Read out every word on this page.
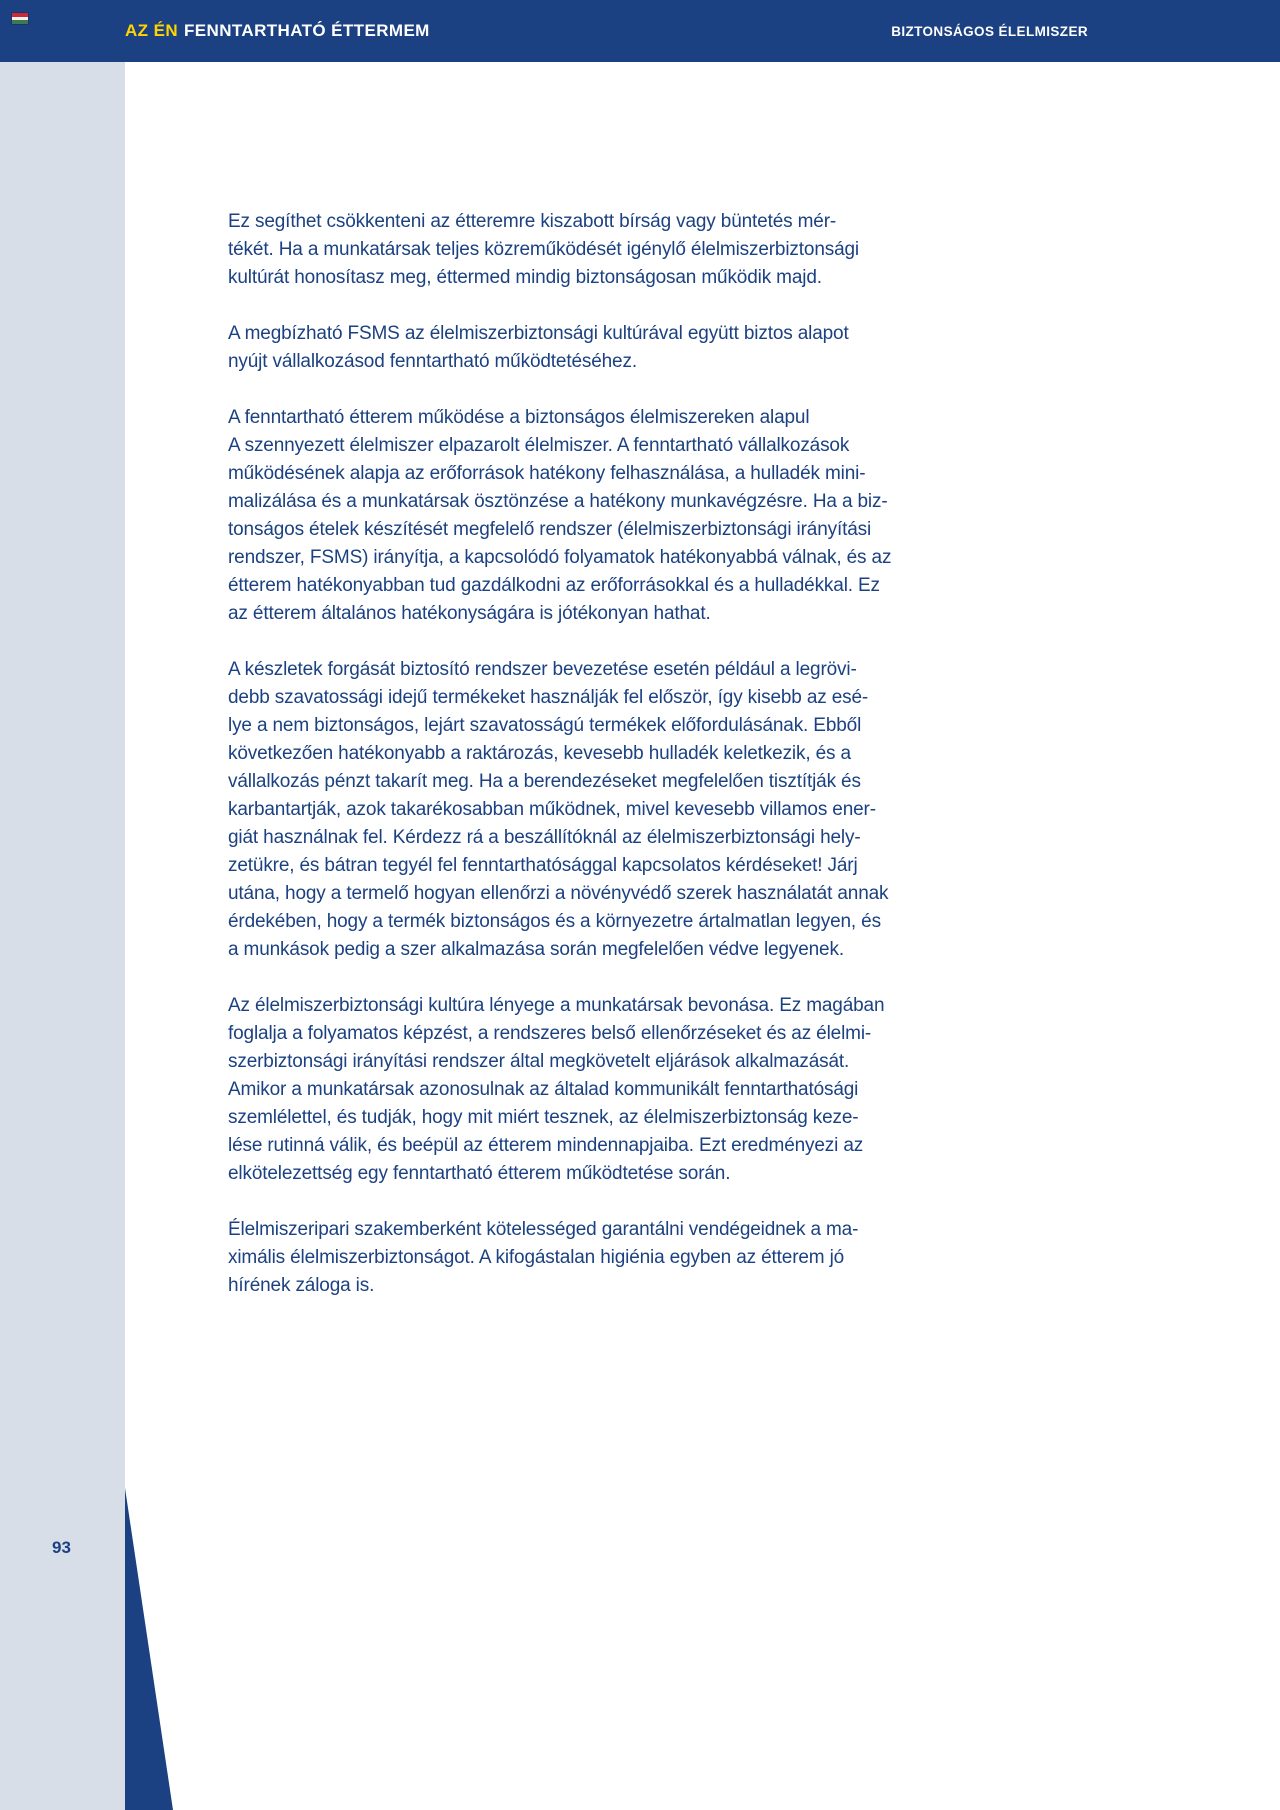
AZ ÉN FENNTARTHATÓ ÉTTERMEM	BIZTONSÁGOS ÉLELMISZER
93
Ez segíthet csökkenteni az étteremre kiszabott bírság vagy büntetés mér-
tékét. Ha a munkatársak teljes közreműködését igénylő élelmiszerbiztonsági
kultúrát honosítasz meg, éttermed mindig biztonságosan működik majd.
A megbízható FSMS az élelmiszerbiztonsági kultúrával együtt biztos alapot
nyújt vállalkozásod fenntartható működtetéséhez.
A fenntartható étterem működése a biztonságos élelmiszereken alapul
A szennyezett élelmiszer elpazarolt élelmiszer. A fenntartható vállalkozások
működésének alapja az erőforrások hatékony felhasználása, a hulladék mini-
malizálása és a munkatársak ösztönzése a hatékony munkavégzésre. Ha a biz-
tonságos ételek készítését megfelelő rendszer (élelmiszerbiztonsági irányítási
rendszer, FSMS) irányítja, a kapcsolódó folyamatok hatékonyabbá válnak, és az
étterem hatékonyabban tud gazdálkodni az erőforrásokkal és a hulladékkal. Ez
az étterem általános hatékonyságára is jótékonyan hathat.
A készletek forgását biztosító rendszer bevezetése esetén például a legrövi-
debb szavatossági idejű termékeket használják fel először, így kisebb az esé-
lye a nem biztonságos, lejárt szavatosságú termékek előfordulásának. Ebből
következően hatékonyabb a raktározás, kevesebb hulladék keletkezik, és a
vállalkozás pénzt takarít meg. Ha a berendezéseket megfelelően tisztítják és
karbantartják, azok takarékosabban működnek, mivel kevesebb villamos ener-
giát használnak fel. Kérdezz rá a beszállítóknál az élelmiszerbiztonsági hely-
zetükre, és bátran tegyél fel fenntarthatósággal kapcsolatos kérdéseket! Járj
utána, hogy a termelő hogyan ellenőrzi a növényvédő szerek használatát annak
érdekében, hogy a termék biztonságos és a környezetre ártalmatlan legyen, és
a munkások pedig a szer alkalmazása során megfelelően védve legyenek.
Az élelmiszerbiztonsági kultúra lényege a munkatársak bevonása. Ez magában
foglalja a folyamatos képzést, a rendszeres belső ellenőrzéseket és az élelmi-
szerbiztonsági irányítási rendszer által megkövetelt eljárások alkalmazását.
Amikor a munkatársak azonosulnak az általad kommunikált fenntarthatósági
szemlélettel, és tudják, hogy mit miért tesznek, az élelmiszerbiztonság keze-
lése rutinná válik, és beépül az étterem mindennapjaiba. Ezt eredményezi az
elkötelezettség egy fenntartható étterem működtetése során.
Élelmiszeripari szakemberként kötelességed garantálni vendégeidnek a ma-
ximális élelmiszerbiztonságot. A kifogástalan higiénia egyben az étterem jó
hírének záloga is.
